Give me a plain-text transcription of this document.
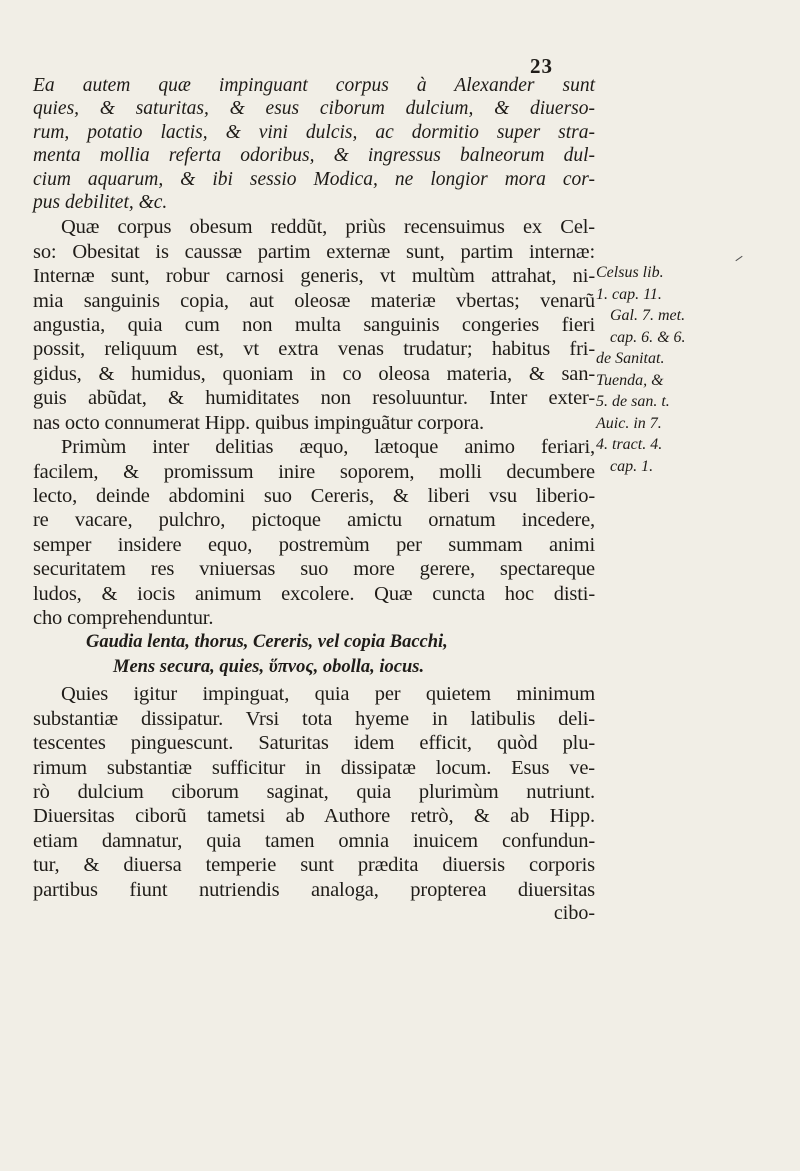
23
Ea autem quæ impinguant corpus à Alexander sunt
quies, & saturitas, & esus ciborum dulcium, & diuerso-
rum, potatio lactis, & vini dulcis, ac dormitio super stra-
menta mollia referta odoribus, & ingressus balneorum dul-
cium aquarum, & ibi sessio Modica, ne longior mora cor-
pus debilitet, &c.
Quæ corpus obesum reddũt, priùs recensuimus ex Cel-
so: Obesitat is caussæ partim externæ sunt, partim internæ:
Internæ sunt, robur carnosi generis, vt multùm attrahat, ni-
mia sanguinis copia, aut oleosæ materiæ vbertas; venarũ
angustia, quia cum non multa sanguinis congeries fieri
possit, reliquum est, vt extra venas trudatur; habitus fri-
gidus, & humidus, quoniam in co oleosa materia, & san-
guis abũdat, & humiditates non resoluuntur. Inter exter-
nas octo connumerat Hipp. quibus impinguãtur corpora.
Primùm inter delitias æquo, lætoque animo feriari,
facilem, & promissum inire soporem, molli decumbere
lecto, deinde abdomini suo Cereris, & liberi vsu liberio-
re vacare, pulchro, pictoque amictu ornatum incedere,
semper insidere equo, postremùm per summam animi
securitatem res vniuersas suo more gerere, spectareque
ludos, & iocis animum excolere. Quæ cuncta hoc disti-
cho comprehenduntur.
Gaudia lenta, thorus, Cereris, vel copia Bacchi,
Mens secura, quies, ὕπνος, obolla, iocus.
Quies igitur impinguat, quia per quietem minimum
substantiæ dissipatur. Vrsi tota hyeme in latibulis deli-
tescentes pinguescunt. Saturitas idem efficit, quòd plu-
rimum substantiæ sufficitur in dissipatæ locum. Esus ve-
rò dulcium ciborum saginat, quia plurimùm nutriunt.
Diuersitas ciborũ tametsi ab Authore retrò, & ab Hipp.
etiam damnatur, quia tamen omnia inuicem confundun-
tur, & diuersa temperie sunt prædita diuersis corporis
partibus fiunt nutriendis analoga, propterea diuersitas
cibo-
Celsus lib.
1. cap. 11.
Gal. 7. met.
cap. 6. & 6.
de Sanitat.
Tuenda, &
5. de san. t.
Auic. in 7.
4. tract. 4.
cap. 1.
